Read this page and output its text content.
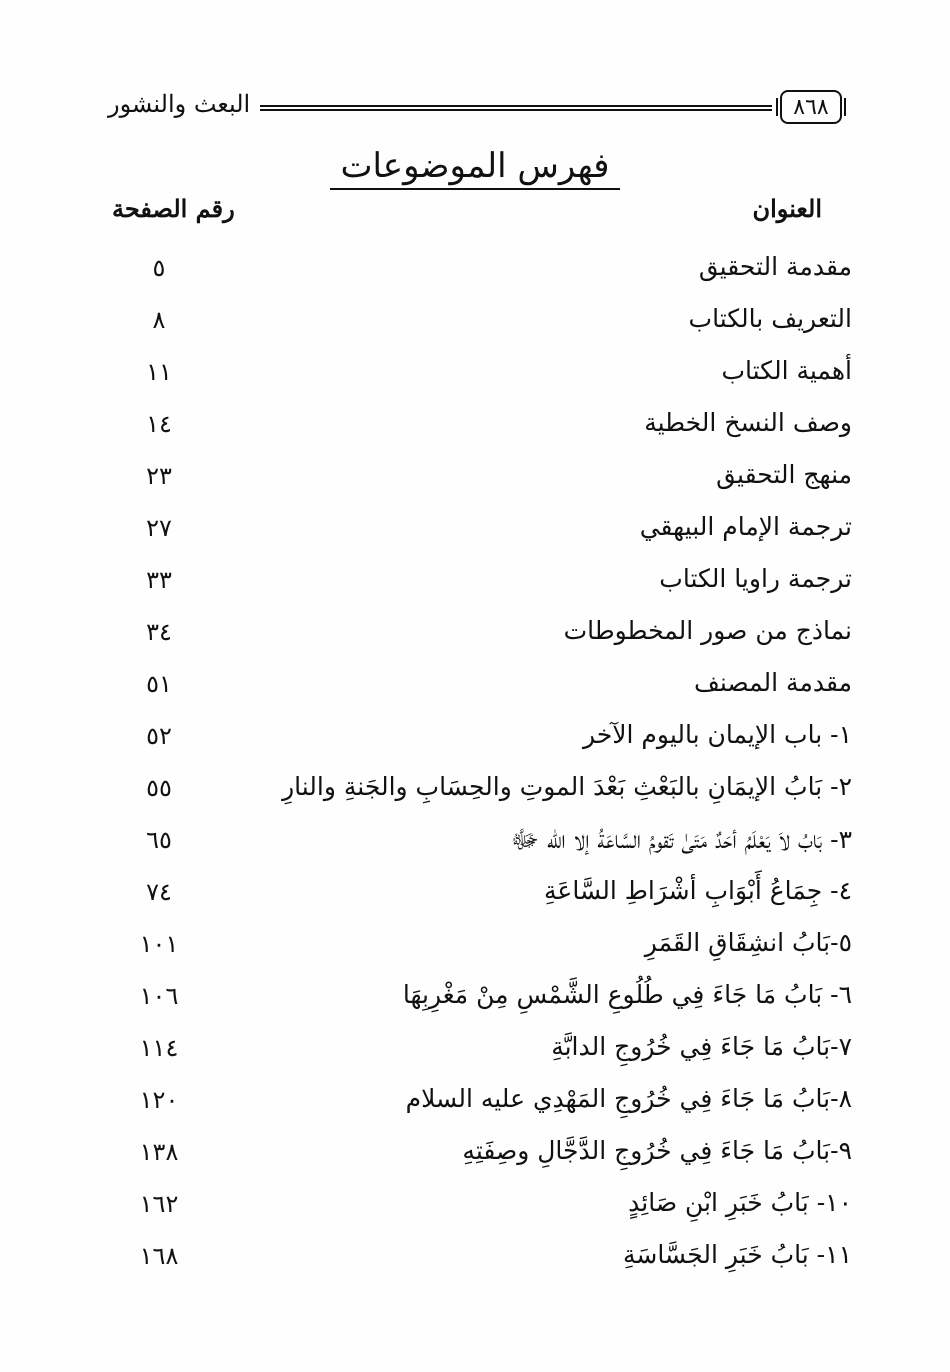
٨٦٨
البعث والنشور
فهرس الموضوعات
العنوان
رقم الصفحة
مقدمة التحقيق
٥
التعريف بالكتاب
٨
أهمية الكتاب
١١
وصف النسخ الخطية
١٤
منهج التحقيق
٢٣
ترجمة الإمام البيهقي
٢٧
ترجمة راويا الكتاب
٣٣
نماذج من صور المخطوطات
٣٤
مقدمة المصنف
٥١
١- باب الإيمان باليوم الآخر
٥٢
٢- بَابُ الإيمَانِ بالبَعْثِ بَعْدَ الموتِ والحِسَابِ والجَنةِ والنارِ
٥٥
٣- بَابُ لاَ يَعْلَمُ أحَدٌ مَتَىٰ تَقومُ السَّاعَةُ إلا الله ﷻ
٦٥
٤- جِمَاعُ أَبْوَابِ أشْرَاطِ السَّاعَةِ
٧٤
٥-بَابُ انشِقَاقِ القَمَرِ
١٠١
٦- بَابُ مَا جَاءَ فِي طُلُوعِ الشَّمْسِ مِنْ مَغْرِبِهَا
١٠٦
٧-بَابُ مَا جَاءَ فِي خُرُوجِ الدابَّةِ
١١٤
٨-بَابُ مَا جَاءَ فِي خُرُوجِ المَهْدِي عليه السلام
١٢٠
٩-بَابُ مَا جَاءَ فِي خُرُوجِ الدَّجَّالِ وصِفَتِهِ
١٣٨
١٠- بَابُ خَبَرِ ابْنِ صَائِدٍ
١٦٢
١١- بَابُ خَبَرِ الجَسَّاسَةِ
١٦٨
